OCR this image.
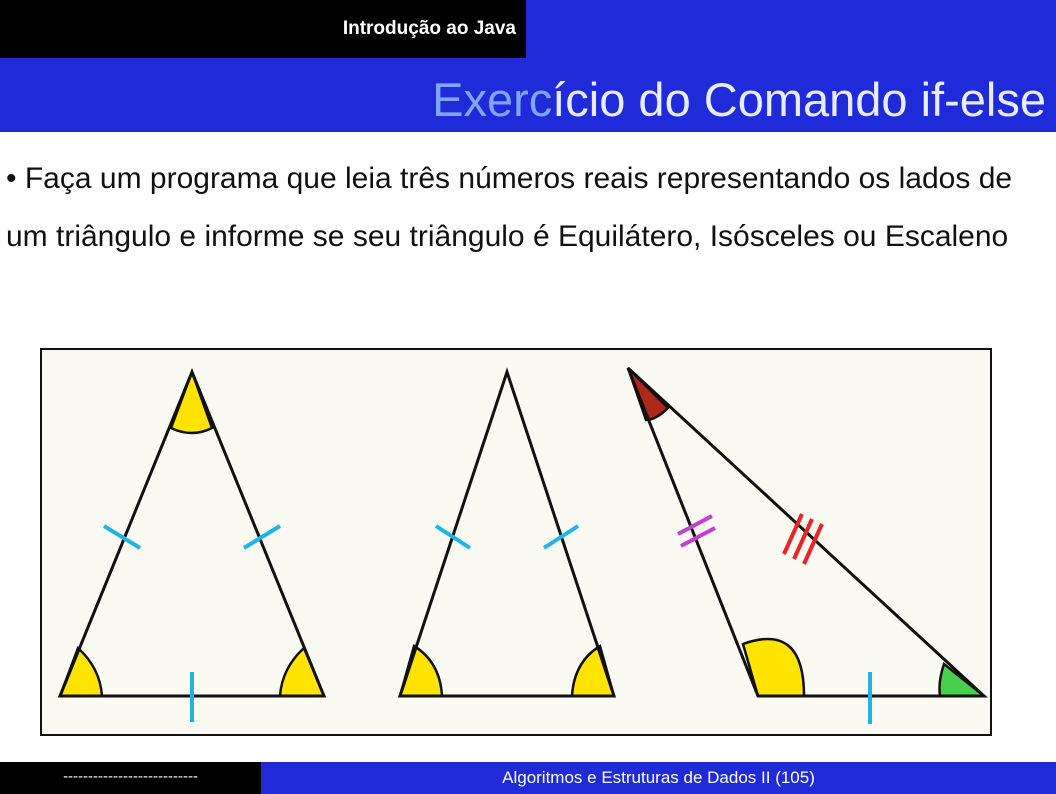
Introdução ao Java
Exercício do Comando if-else
• Faça um programa que leia três números reais representando os lados de um triângulo e informe se seu triângulo é Equilátero, Isósceles ou Escaleno
---------------------------	Algoritmos e Estruturas de Dados II (105)
